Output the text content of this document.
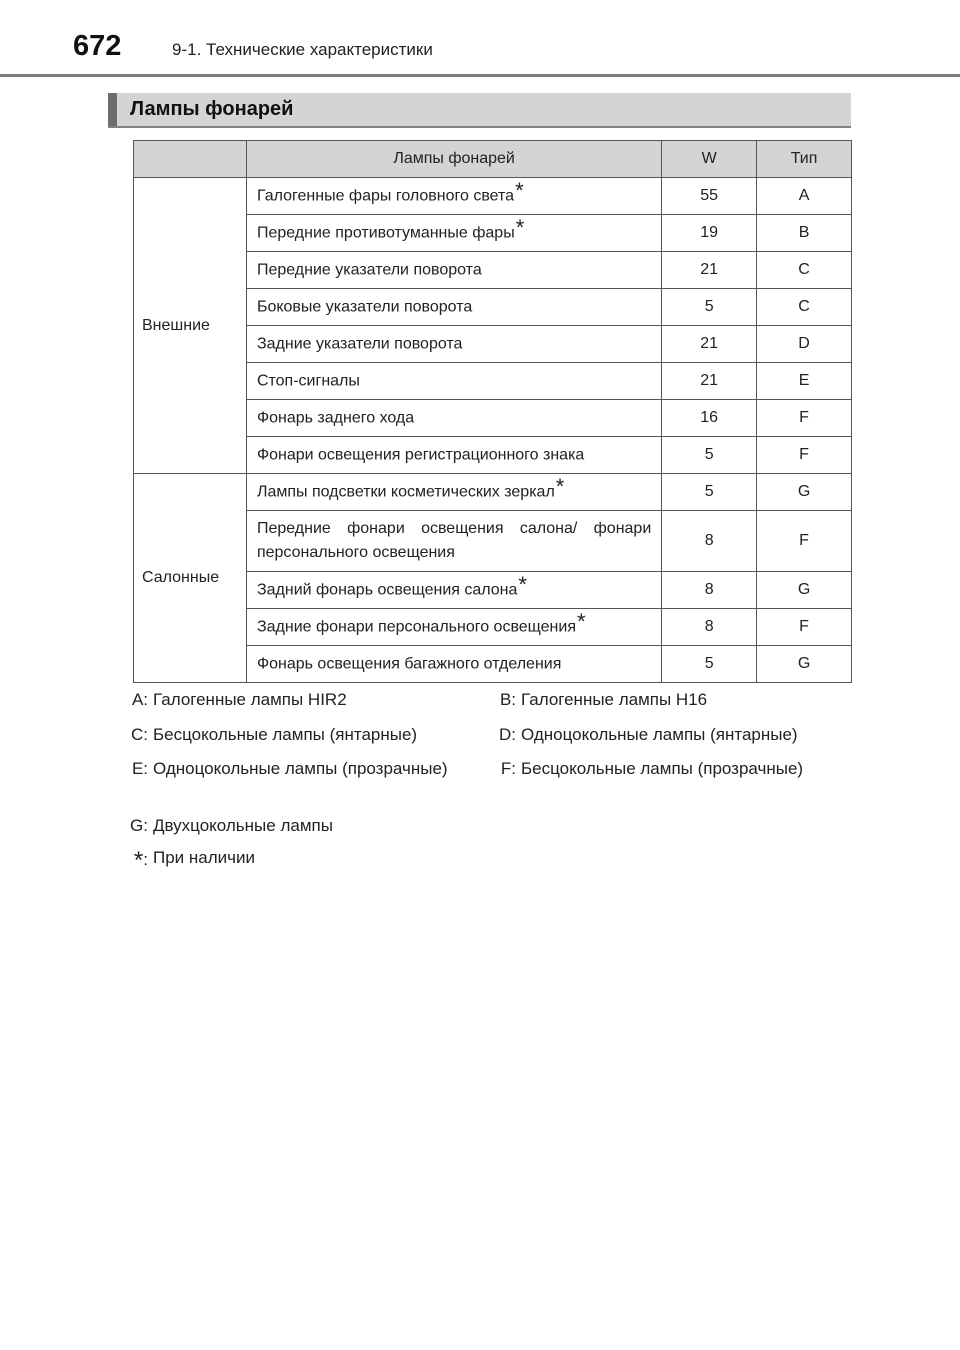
672	9-1. Технические характеристики
Лампы фонарей
	Лампы фонарей	W	Тип
Внешние	Галогенные фары головного света*	55	A
	Передние противотуманные фары*	19	B
	Передние указатели поворота	21	C
	Боковые указатели поворота	5	C
	Задние указатели поворота	21	D
	Стоп-сигналы	21	E
	Фонарь заднего хода	16	F
	Фонари освещения регистрационного знака	5	F
Салонные	Лампы подсветки косметических зеркал*	5	G
	Передние фонари освещения салона/ фонари персонального освещения	8	F
	Задний фонарь освещения салона*	8	G
	Задние фонари персонального освещения*	8	F
	Фонарь освещения багажного отделения	5	G
A: Галогенные лампы HIR2	B: Галогенные лампы H16
C: Бесцокольные лампы (янтарные)	D: Одноцокольные лампы (янтарные)
E: Одноцокольные лампы (прозрачные)	F: Бесцокольные лампы (прозрачные)
G: Двухцокольные лампы
*: При наличии
